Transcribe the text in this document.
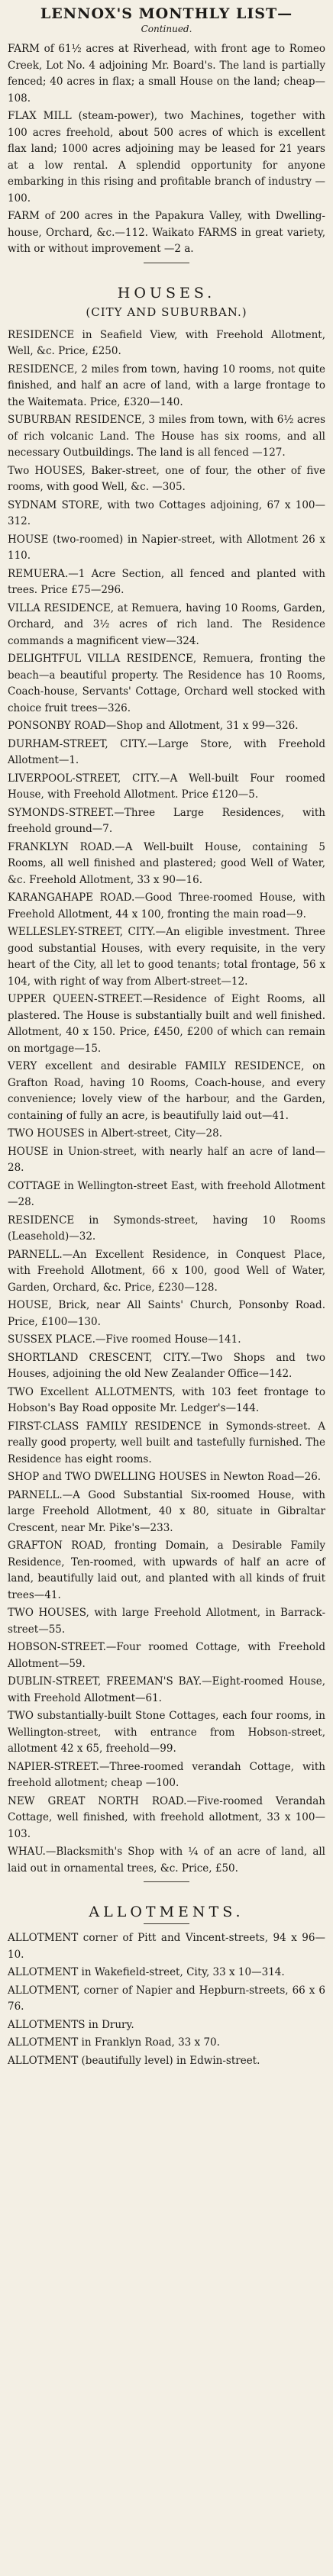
LENNOX'S MONTHLY LIST—
Continued.

FARM of 61½ acres at Riverhead, with front age to Romeo Creek, Lot No. 4 adjoining Mr. Board's. The land is partially fenced; 40 acres in flax; a small House on the land; cheap—108.

FLAX MILL (steam-power), two Machines, together with 100 acres freehold, about 500 acres of which is excellent flax land; 1000 acres adjoining may be leased for 21 years at a low rental. A splendid opportunity for anyone embarking in this rising and profitable branch of industry —100.

FARM of 200 acres in the Papakura Valley, with Dwelling-house, Orchard, &c.—112. Waikato FARMS in great variety, with or without improvement —2 a.

HOUSES.
(CITY AND SUBURBAN.)

RESIDENCE in Seafield View, with Freehold Allotment, Well, &c. Price, £250.

RESIDENCE, 2 miles from town, having 10 rooms, not quite finished, and half an acre of land, with a large frontage to the Waitemata. Price, £320—140.

SUBURBAN RESIDENCE, 3 miles from town, with 6½ acres of rich volcanic Land. The House has six rooms, and all necessary Outbuildings. The land is all fenced —127.

Two HOUSES, Baker-street, one of four, the other of five rooms, with good Well, &c. —305.

SYDNAM STORE, with two Cottages adjoining, 67 x 100—312.

HOUSE (two-roomed) in Napier-street, with Allotment 26 x 110.

REMUERA.—1 Acre Section, all fenced and planted with trees. Price £75—296.

VILLA RESIDENCE, at Remuera, having 10 Rooms, Garden, Orchard, and 3½ acres of rich land. The Residence commands a magnificent view—324.

DELIGHTFUL VILLA RESIDENCE, Remuera, fronting the beach—a beautiful property. The Residence has 10 Rooms, Coach-house, Servants' Cottage, Orchard well stocked with choice fruit trees—326.

PONSONBY ROAD—Shop and Allotment, 31 x 99—326.

DURHAM-STREET, CITY.—Large Store, with Freehold Allotment—1.

LIVERPOOL-STREET, CITY.—A Well-built Four roomed House, with Freehold Allotment. Price £120—5.

SYMONDS-STREET.—Three Large Residences, with freehold ground—7.

FRANKLYN ROAD.—A Well-built House, containing 5 Rooms, all well finished and plastered; good Well of Water, &c. Freehold Allotment, 33 x 90—16.

KARANGAHAPE ROAD.—Good Three-roomed House, with Freehold Allotment, 44 x 100, fronting the main road—9.

WELLESLEY-STREET, CITY.—An eligible investment. Three good substantial Houses, with every requisite, in the very heart of the City, all let to good tenants; total frontage, 56 x 104, with right of way from Albert-street—12.

UPPER QUEEN-STREET.—Residence of Eight Rooms, all plastered. The House is substantially built and well finished. Allotment, 40 x 150. Price, £450, £200 of which can remain on mortgage—15.

VERY excellent and desirable FAMILY RESIDENCE, on Grafton Road, having 10 Rooms, Coach-house, and every convenience; lovely view of the harbour, and the Garden, containing of fully an acre, is beautifully laid out—41.

TWO HOUSES in Albert-street, City—28.

HOUSE in Union-street, with nearly half an acre of land—28.

COTTAGE in Wellington-street East, with freehold Allotment—28.

RESIDENCE in Symonds-street, having 10 Rooms (Leasehold)—32.

PARNELL.—An Excellent Residence, in Conquest Place, with Freehold Allotment, 66 x 100, good Well of Water, Garden, Orchard, &c. Price, £230—128.

HOUSE, Brick, near All Saints' Church, Ponsonby Road. Price, £100—130.

SUSSEX PLACE.—Five roomed House—141.

SHORTLAND CRESCENT, CITY.—Two Shops and two Houses, adjoining the old New Zealander Office—142.

TWO Excellent ALLOTMENTS, with 103 feet frontage to Hobson's Bay Road opposite Mr. Ledger's—144.

FIRST-CLASS FAMILY RESIDENCE in Symonds-street. A really good property, well built and tastefully furnished. The Residence has eight rooms.

SHOP and TWO DWELLING HOUSES in Newton Road—26.

PARNELL.—A Good Substantial Six-roomed House, with large Freehold Allotment, 40 x 80, situate in Gibraltar Crescent, near Mr. Pike's—233.

GRAFTON ROAD, fronting Domain, a Desirable Family Residence, Ten-roomed, with upwards of half an acre of land, beautifully laid out, and planted with all kinds of fruit trees—41.

TWO HOUSES, with large Freehold Allotment, in Barrack-street—55.

HOBSON-STREET.—Four roomed Cottage, with Freehold Allotment—59.

DUBLIN-STREET, FREEMAN'S BAY.—Eight-roomed House, with Freehold Allotment—61.

TWO substantially-built Stone Cottages, each four rooms, in Wellington-street, with entrance from Hobson-street, allotment 42 x 65, freehold—99.

NAPIER-STREET.—Three-roomed verandah Cottage, with freehold allotment; cheap —100.

NEW GREAT NORTH ROAD.—Five-roomed Verandah Cottage, well finished, with freehold allotment, 33 x 100—103.

WHAU.—Blacksmith's Shop with ¼ of an acre of land, all laid out in ornamental trees, &c. Price, £50.

ALLOTMENTS.

ALLOTMENT corner of Pitt and Vincent-streets, 94 x 96—10.

ALLOTMENT in Wakefield-street, City, 33 x 10—314.

ALLOTMENT, corner of Napier and Hepburn-streets, 66 x 6 76.

ALLOTMENTS in Drury.

ALLOTMENT in Franklyn Road, 33 x 70.

ALLOTMENT (beautifully level) in Edwin-street.
